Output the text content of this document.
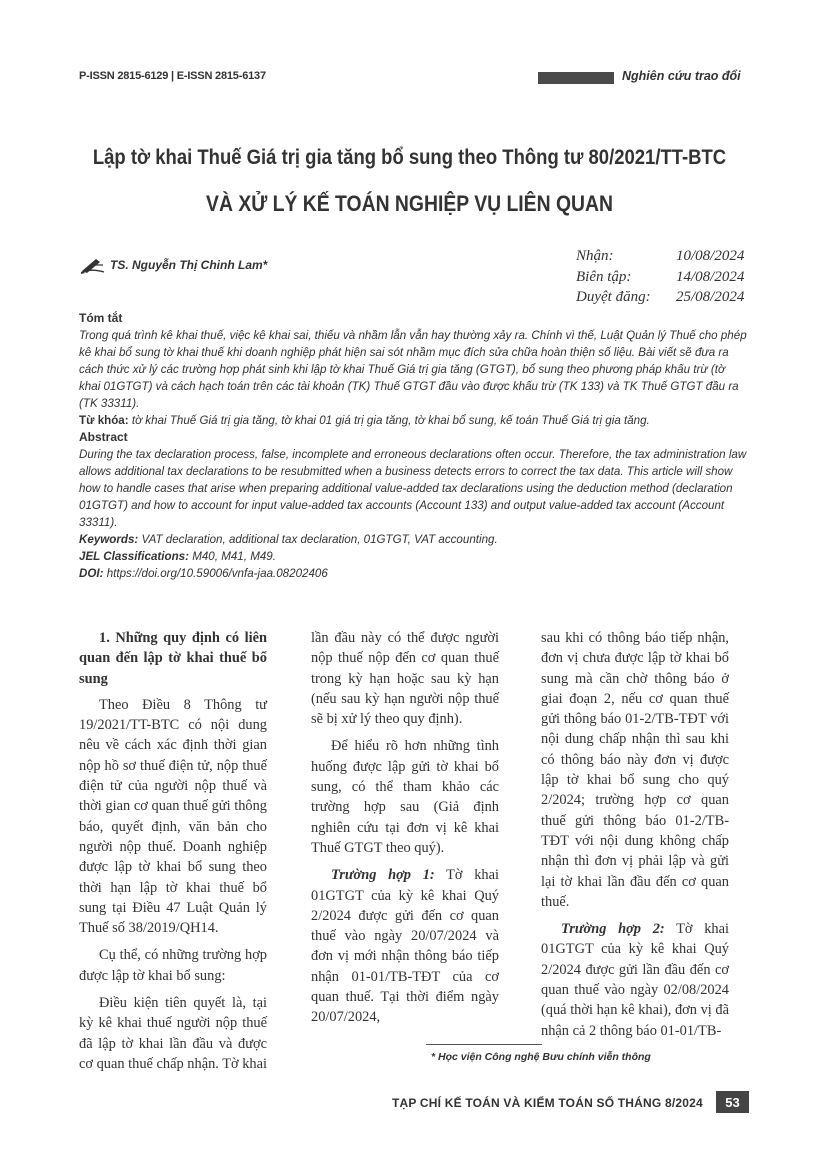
P-ISSN 2815-6129 | E-ISSN 2815-6137	Nghiên cứu trao đổi
Lập tờ khai Thuế Giá trị gia tăng bổ sung theo Thông tư 80/2021/TT-BTC
VÀ XỬ LÝ KẾ TOÁN NGHIỆP VỤ LIÊN QUAN
TS. Nguyễn Thị Chinh Lam*
Nhận:	10/08/2024
Biên tập:	14/08/2024
Duyệt đăng:	25/08/2024

Tóm tắt

Trong quá trình kê khai thuế, việc kê khai sai, thiếu và nhầm lẫn vẫn hay thường xảy ra. Chính vì thế, Luật Quản lý Thuế cho phép kê khai bổ sung tờ khai thuế khi doanh nghiệp phát hiện sai sót nhầm mục đích sửa chữa hoàn thiện số liệu. Bài viết sẽ đưa ra cách thức xử lý các trường hợp phát sinh khi lập tờ khai Thuế Giá trị gia tăng (GTGT), bổ sung theo phương pháp khấu trừ (tờ khai 01GTGT) và cách hạch toán trên các tài khoản (TK) Thuế GTGT đầu vào được khấu trừ (TK 133) và TK Thuế GTGT đầu ra (TK 33311).

Từ khóa: tờ khai Thuế Giá trị gia tăng, tờ khai 01 giá trị gia tăng, tờ khai bổ sung, kế toán Thuế Giá trị gia tăng.

Abstract

During the tax declaration process, false, incomplete and erroneous declarations often occur. Therefore, the tax administration law allows additional tax declarations to be resubmitted when a business detects errors to correct the tax data. This article will show how to handle cases that arise when preparing additional value-added tax declarations using the deduction method (declaration 01GTGT) and how to account for input value-added tax accounts (Account 133) and output value-added tax account (Account 33311).

Keywords: VAT declaration, additional tax declaration, 01GTGT, VAT accounting.

JEL Classifications: M40, M41, M49.

DOI: https://doi.org/10.59006/vnfa-jaa.08202406

1. Những quy định có liên quan đến lập tờ khai thuế bổ sung

Theo Điều 8 Thông tư 19/2021/TT-BTC có nội dung nêu về cách xác định thời gian nộp hồ sơ thuế điện tử, nộp thuế điện tử của người nộp thuế và thời gian cơ quan thuế gửi thông báo, quyết định, văn bản cho người nộp thuế. Doanh nghiệp được lập tờ khai bổ sung theo thời hạn lập tờ khai thuế bổ sung tại Điều 47 Luật Quản lý Thuế số 38/2019/QH14.

Cụ thể, có những trường hợp được lập tờ khai bổ sung:

Điều kiện tiên quyết là, tại kỳ kê khai thuế người nộp thuế đã lập tờ khai lần đầu và được cơ quan thuế chấp nhận. Tờ khai

lần đầu này có thể được người nộp thuế nộp đến cơ quan thuế trong kỳ hạn hoặc sau kỳ hạn (nếu sau kỳ hạn người nộp thuế sẽ bị xử lý theo quy định).

Để hiểu rõ hơn những tình huống được lập gửi tờ khai bổ sung, có thể tham khảo các trường hợp sau (Giả định nghiên cứu tại đơn vị kê khai Thuế GTGT theo quý).

Trường hợp 1: Tờ khai 01GTGT của kỳ kê khai Quý 2/2024 được gửi đến cơ quan thuế vào ngày 20/07/2024 và đơn vị mới nhận thông báo tiếp nhận 01-01/TB-TĐT của cơ quan thuế. Tại thời điểm ngày 20/07/2024,

sau khi có thông báo tiếp nhận, đơn vị chưa được lập tờ khai bổ sung mà cần chờ thông báo ở giai đoạn 2, nếu cơ quan thuế gửi thông báo 01-2/TB-TĐT với nội dung chấp nhận thì sau khi có thông báo này đơn vị được lập tờ khai bổ sung cho quý 2/2024; trường hợp cơ quan thuế gửi thông báo 01-2/TB-TĐT với nội dung không chấp nhận thì đơn vị phải lập và gửi lại tờ khai lần đầu đến cơ quan thuế.

Trường hợp 2: Tờ khai 01GTGT của kỳ kê khai Quý 2/2024 được gửi lần đầu đến cơ quan thuế vào ngày 02/08/2024 (quá thời hạn kê khai), đơn vị đã nhận cả 2 thông báo 01-01/TB-

* Học viện Công nghệ Bưu chính viễn thông
TẠP CHÍ KẾ TOÁN VÀ KIỂM TOÁN SỐ THÁNG 8/2024	53
